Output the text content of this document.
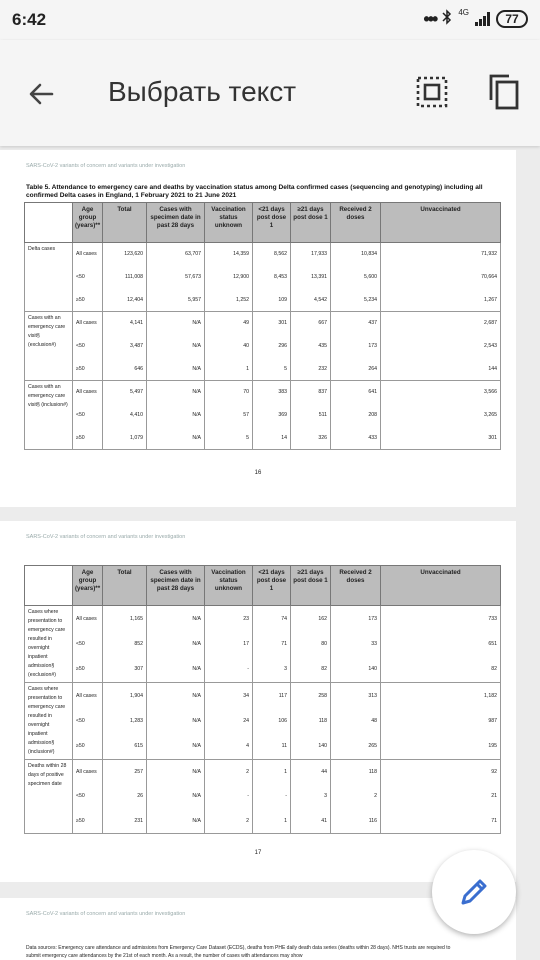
6:42	•••	4G	77
Выбрать текст
SARS-CoV-2 variants of concern and variants under investigation
Table 5. Attendance to emergency care and deaths by vaccination status among Delta confirmed cases (sequencing and genotyping) including all confirmed Delta cases in England, 1 February 2021 to 21 June 2021
	Age group (years)**	Total	Cases with specimen date in past 28 days	Vaccination status unknown	<21 days post dose 1	≥21 days post dose 1	Received 2 doses	Unvaccinated
Delta cases	All cases	123,620	63,707	14,359	8,562	17,933	10,834	71,932
	<50	111,008	57,673	12,900	8,453	13,391	5,600	70,664
	≥50	12,404	5,957	1,252	109	4,542	5,234	1,267
Cases with an emergency care visit§ (exclusion#)	All cases	4,141	N/A	49	301	667	437	2,687
	<50	3,487	N/A	40	296	435	173	2,543
	≥50	646	N/A	1	5	232	264	144
Cases with an emergency care visit§ (inclusion#)	All cases	5,497	N/A	70	383	837	641	3,566
	<50	4,410	N/A	57	369	511	208	3,265
	≥50	1,079	N/A	5	14	326	433	301
16
SARS-CoV-2 variants of concern and variants under investigation
	Age group (years)**	Total	Cases with specimen date in past 28 days	Vaccination status unknown	<21 days post dose 1	≥21 days post dose 1	Received 2 doses	Unvaccinated
Cases where presentation to emergency care resulted in overnight inpatient admission§ (exclusion#)	All cases	1,165	N/A	23	74	162	173	733
	<50	852	N/A	17	71	80	33	651
	≥50	307	N/A	-	3	82	140	82
Cases where presentation to emergency care resulted in overnight inpatient admission§ (inclusion#)	All cases	1,904	N/A	34	117	258	313	1,182
	<50	1,283	N/A	24	106	118	48	987
	≥50	615	N/A	4	11	140	265	195
Deaths within 28 days of positive specimen date	All cases	257	N/A	2	1	44	118	92
	<50	26	N/A	-	-	3	2	21
	≥50	231	N/A	2	1	41	116	71
17
SARS-CoV-2 variants of concern and variants under investigation
Data sources: Emergency care attendance and admissions from Emergency Care Dataset (ECDS), deaths from PHE daily death data series (deaths within 28 days). NHS trusts are required to submit emergency care attendances by the 21st of each month. As a result, the number of cases with attendances may show
